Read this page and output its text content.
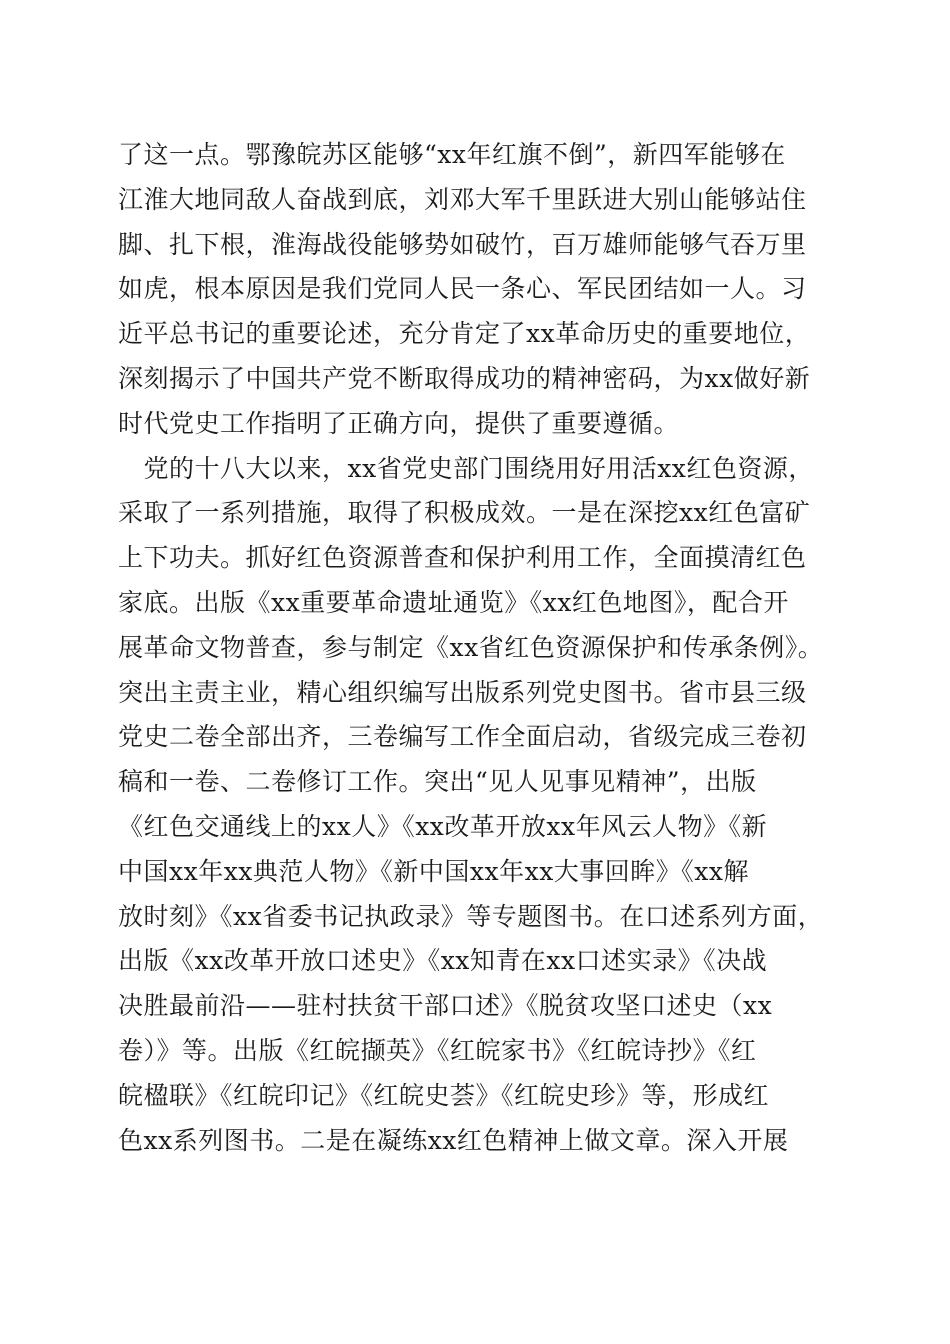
了这一点。鄂豫皖苏区能够“xx年红旗不倒”，新四军能够在
江淮大地同敌人奋战到底，刘邓大军千里跃进大别山能够站住
脚、扎下根，淮海战役能够势如破竹，百万雄师能够气吞万里
如虎，根本原因是我们党同人民一条心、军民团结如一人。习
近平总书记的重要论述，充分肯定了xx革命历史的重要地位，
深刻揭示了中国共产党不断取得成功的精神密码，为xx做好新
时代党史工作指明了正确方向，提供了重要遵循。
　党的十八大以来，xx省党史部门围绕用好用活xx红色资源，
采取了一系列措施，取得了积极成效。一是在深挖xx红色富矿
上下功夫。抓好红色资源普查和保护利用工作，全面摸清红色
家底。出版《xx重要革命遗址通览》《xx红色地图》，配合开
展革命文物普查，参与制定《xx省红色资源保护和传承条例》。
突出主责主业，精心组织编写出版系列党史图书。省市县三级
党史二卷全部出齐，三卷编写工作全面启动，省级完成三卷初
稿和一卷、二卷修订工作。突出“见人见事见精神”，出版
《红色交通线上的xx人》《xx改革开放xx年风云人物》《新
中国xx年xx典范人物》《新中国xx年xx大事回眸》《xx解
放时刻》《xx省委书记执政录》等专题图书。在口述系列方面，
出版《xx改革开放口述史》《xx知青在xx口述实录》《决战
决胜最前沿——驻村扶贫干部口述》《脱贫攻坚口述史（xx
卷）》等。出版《红皖撷英》《红皖家书》《红皖诗抄》《红
皖楹联》《红皖印记》《红皖史荟》《红皖史珍》等，形成红
色xx系列图书。二是在凝练xx红色精神上做文章。深入开展
